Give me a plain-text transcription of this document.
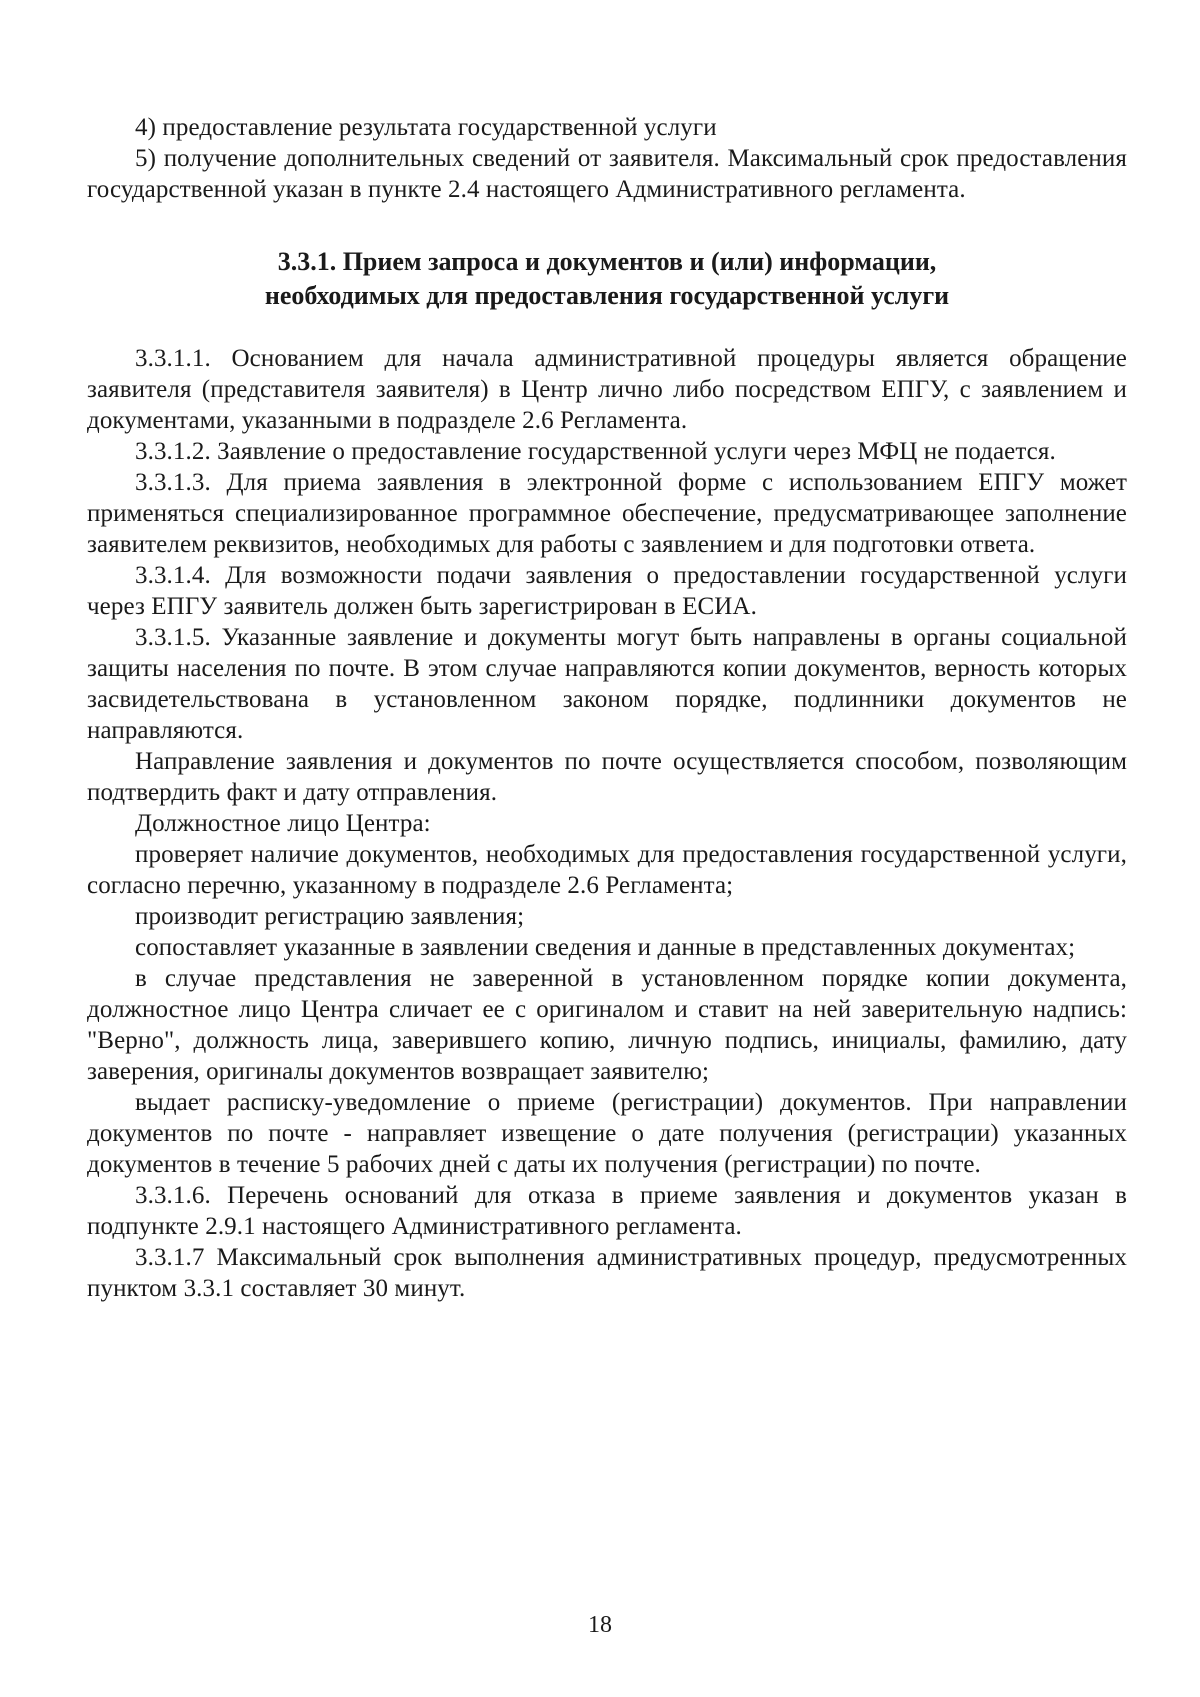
4) предоставление результата государственной услуги

5) получение дополнительных сведений от заявителя. Максимальный срок предоставления государственной указан в пункте 2.4 настоящего Административного регламента.

3.3.1. Прием запроса и документов и (или) информации,
необходимых для предоставления государственной услуги

3.3.1.1. Основанием для начала административной процедуры является обращение заявителя (представителя заявителя) в Центр лично либо посредством ЕПГУ, с заявлением и документами, указанными в подразделе 2.6 Регламента.

3.3.1.2. Заявление о предоставление государственной услуги через МФЦ не подается.

3.3.1.3. Для приема заявления в электронной форме с использованием ЕПГУ может применяться специализированное программное обеспечение, предусматривающее заполнение заявителем реквизитов, необходимых для работы с заявлением и для подготовки ответа.

3.3.1.4. Для возможности подачи заявления о предоставлении государственной услуги через ЕПГУ заявитель должен быть зарегистрирован в ЕСИА.

3.3.1.5. Указанные заявление и документы могут быть направлены в органы социальной защиты населения по почте. В этом случае направляются копии документов, верность которых засвидетельствована в установленном законом порядке, подлинники документов не направляются.

Направление заявления и документов по почте осуществляется способом, позволяющим подтвердить факт и дату отправления.

Должностное лицо Центра:

проверяет наличие документов, необходимых для предоставления государственной услуги, согласно перечню, указанному в подразделе 2.6 Регламента;

производит регистрацию заявления;

сопоставляет указанные в заявлении сведения и данные в представленных документах;

в случае представления не заверенной в установленном порядке копии документа, должностное лицо Центра сличает ее с оригиналом и ставит на ней заверительную надпись: "Верно", должность лица, заверившего копию, личную подпись, инициалы, фамилию, дату заверения, оригиналы документов возвращает заявителю;

выдает расписку-уведомление о приеме (регистрации) документов. При направлении документов по почте - направляет извещение о дате получения (регистрации) указанных документов в течение 5 рабочих дней с даты их получения (регистрации) по почте.

3.3.1.6. Перечень оснований для отказа в приеме заявления и документов указан в подпункте 2.9.1 настоящего Административного регламента.

3.3.1.7 Максимальный срок выполнения административных процедур, предусмотренных пунктом 3.3.1 составляет 30 минут.

18
